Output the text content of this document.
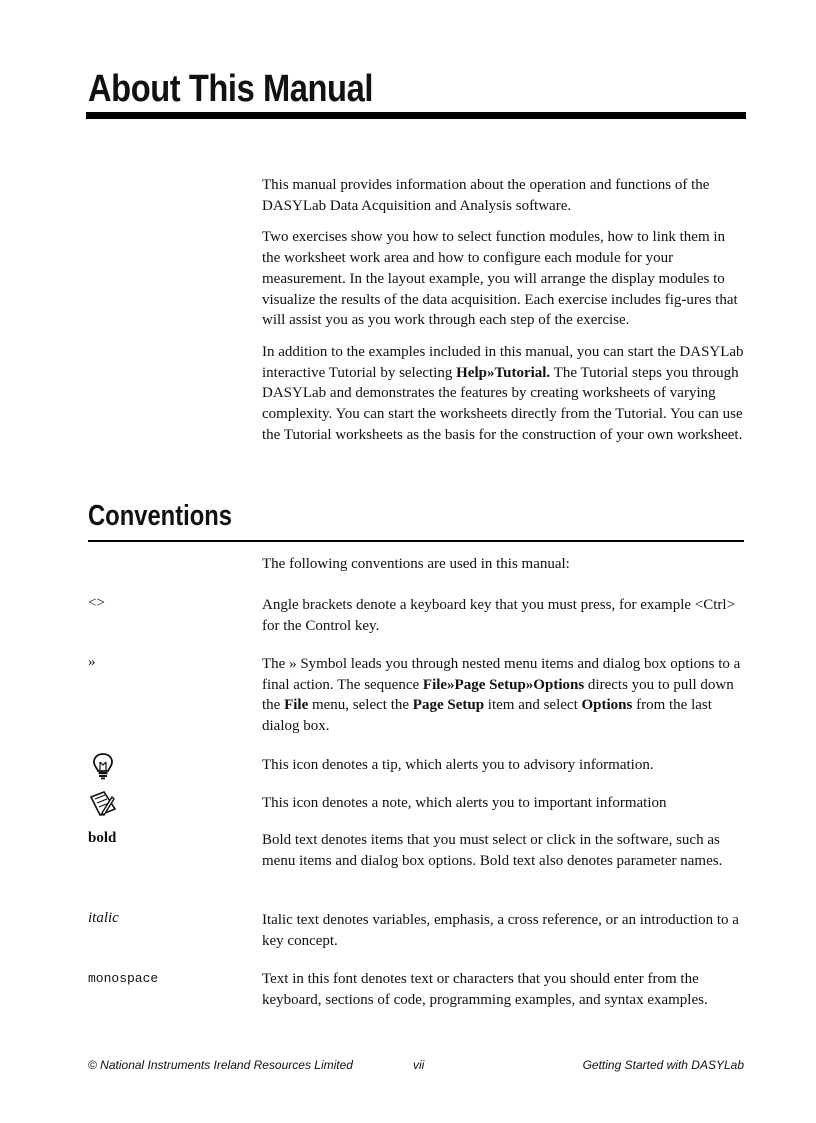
About This Manual

This manual provides information about the operation and functions of the DASYLab Data Acquisition and Analysis software.

Two exercises show you how to select function modules, how to link them in the worksheet work area and how to configure each module for your measurement. In the layout example, you will arrange the display modules to visualize the results of the data acquisition. Each exercise includes fig-ures that will assist you as you work through each step of the exercise.

In addition to the examples included in this manual, you can start the DASYLab interactive Tutorial by selecting Help»Tutorial. The Tutorial steps you through DASYLab and demonstrates the features by creating worksheets of varying complexity. You can start the worksheets directly from the Tutorial. You can use the Tutorial worksheets as the basis for the construction of your own worksheet.

Conventions

The following conventions are used in this manual:

<>	Angle brackets denote a keyboard key that you must press, for example <Ctrl> for the Control key.

»	The » Symbol leads you through nested menu items and dialog box options to a final action. The sequence File»Page Setup»Options directs you to pull down the File menu, select the Page Setup item and select Options from the last dialog box.

This icon denotes a tip, which alerts you to advisory information.

This icon denotes a note, which alerts you to important information

bold	Bold text denotes items that you must select or click in the software, such as menu items and dialog box options. Bold text also denotes parameter names.

italic	Italic text denotes variables, emphasis, a cross reference, or an introduction to a key concept.

monospace	Text in this font denotes text or characters that you should enter from the keyboard, sections of code, programming examples, and syntax examples.

© National Instruments Ireland Resources Limited	vii	Getting Started with DASYLab
